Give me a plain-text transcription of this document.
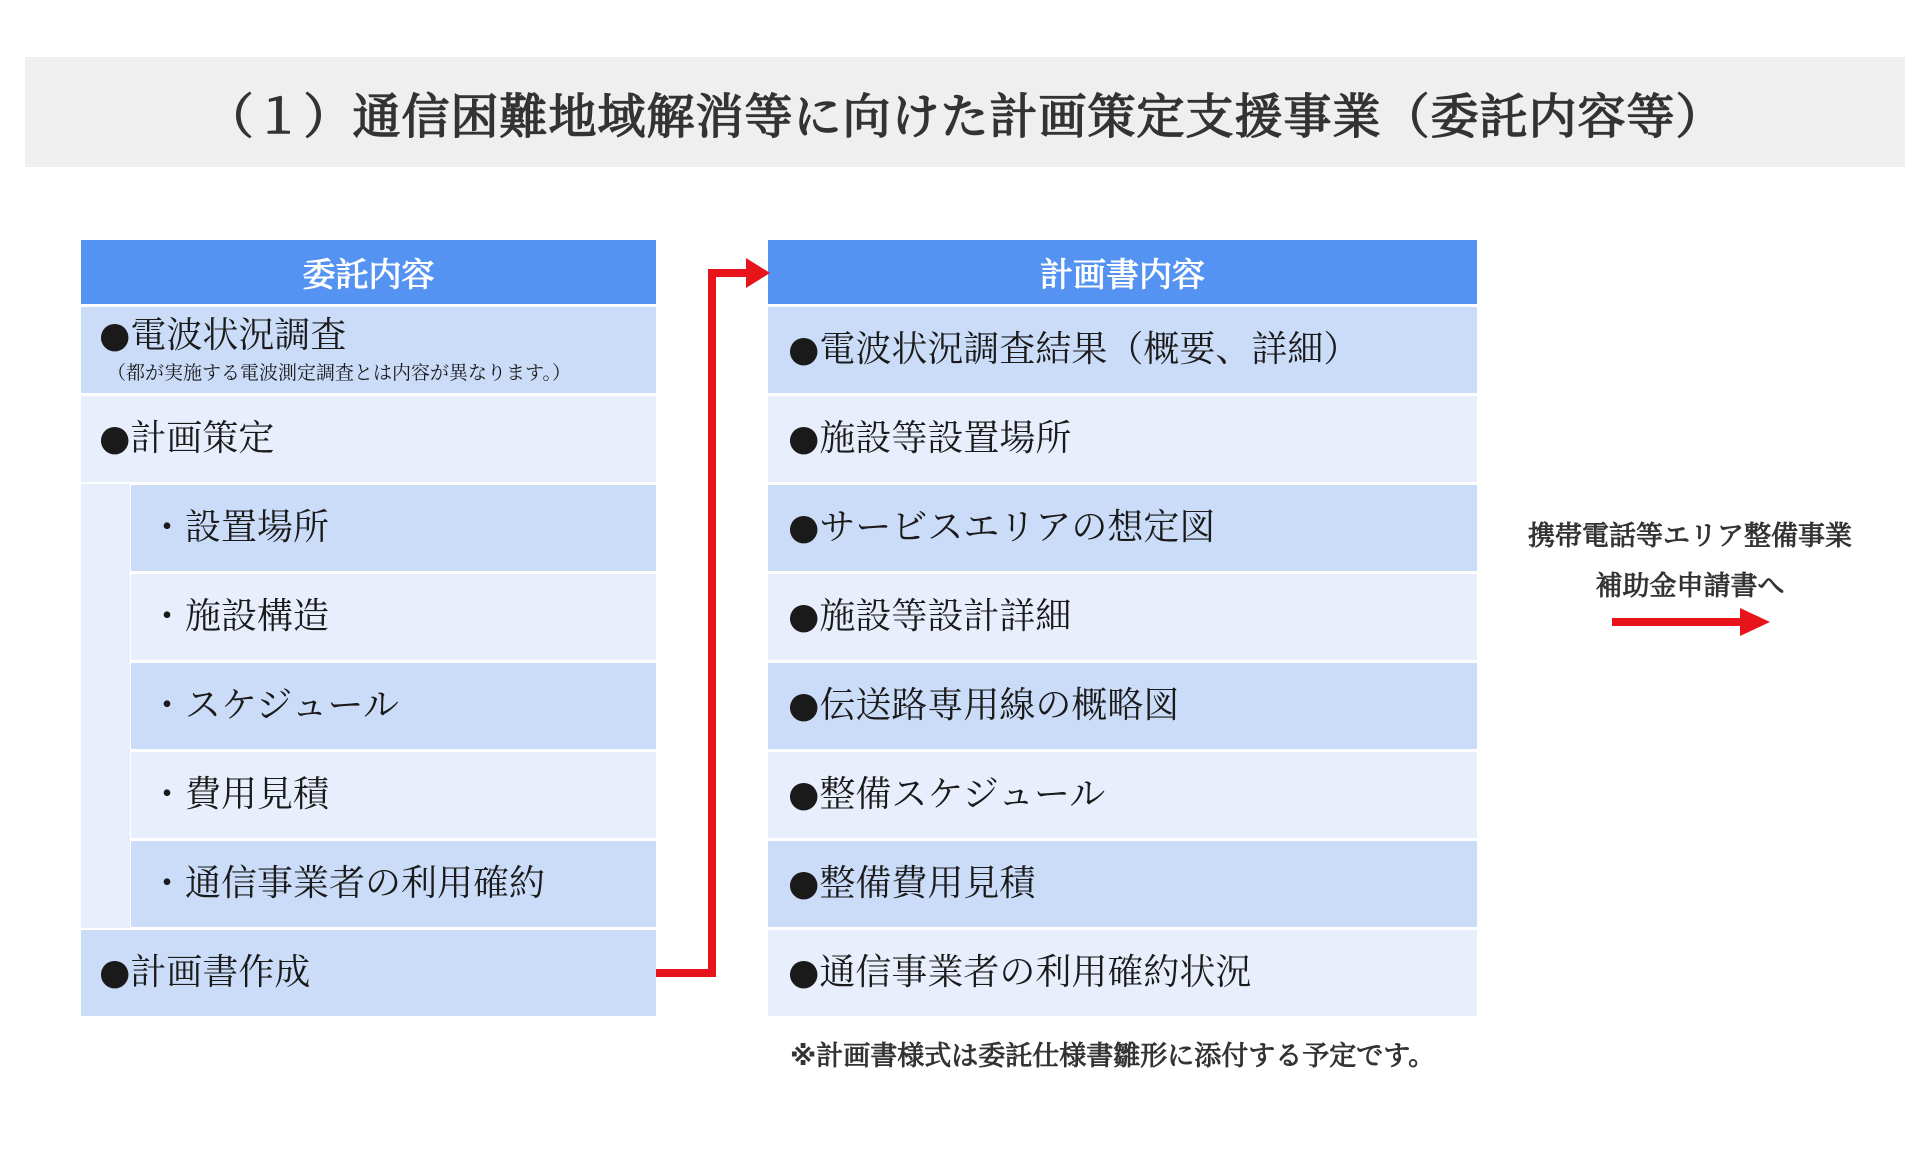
（１）通信困難地域解消等に向けた計画策定支援事業（委託内容等）
委託内容
●電波状況調査
（都が実施する電波測定調査とは内容が異なります。）
●計画策定
・設置場所
・施設構造
・スケジュール
・費用見積
・通信事業者の利用確約
●計画書作成
計画書内容
●電波状況調査結果（概要、詳細）
●施設等設置場所
●サービスエリアの想定図
●施設等設計詳細
●伝送路専用線の概略図
●整備スケジュール
●整備費用見積
●通信事業者の利用確約状況
※計画書様式は委託仕様書雛形に添付する予定です。
携帯電話等エリア整備事業
補助金申請書へ
